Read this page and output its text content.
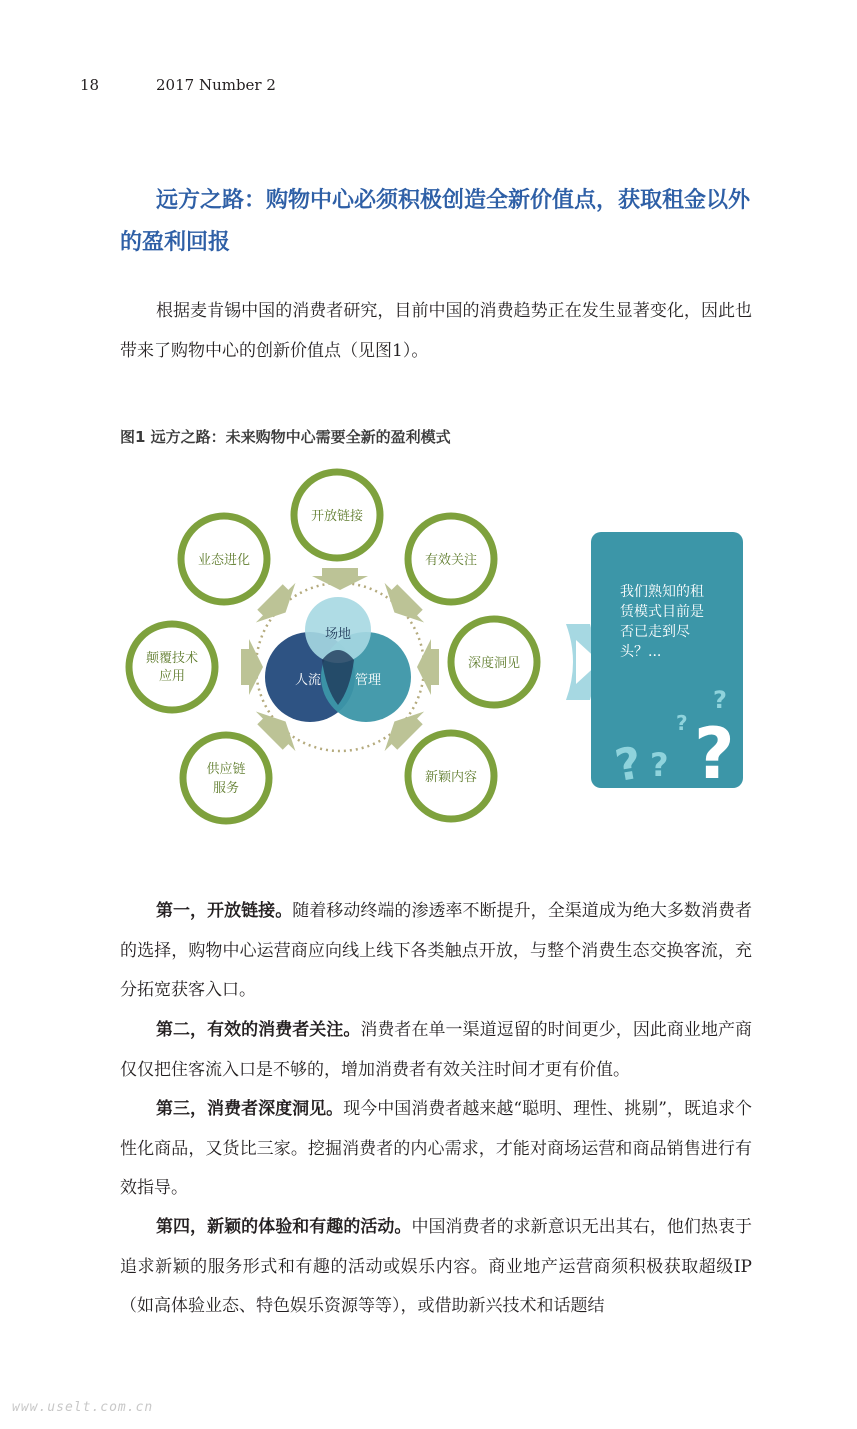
18	2017 Number 2
远方之路：购物中心必须积极创造全新价值点，获取租金以外的盈利回报

根据麦肯锡中国的消费者研究，目前中国的消费趋势正在发生显著变化，因此也带来了购物中心的创新价值点（见图1）。

图1 远方之路：未来购物中心需要全新的盈利模式
场地
人流	管理
开放链接
有效关注
深度洞见
新颖内容
供应链
服务
颠覆技术
应用
业态进化
我们熟知的租
赁模式目前是
否已走到尽
头？...
?
? ?
?
?

第一，开放链接。随着移动终端的渗透率不断提升，全渠道成为绝大多数消费者的选择，购物中心运营商应向线上线下各类触点开放，与整个消费生态交换客流，充分拓宽获客入口。

第二，有效的消费者关注。消费者在单一渠道逗留的时间更少，因此商业地产商仅仅把住客流入口是不够的，增加消费者有效关注时间才更有价值。

第三，消费者深度洞见。现今中国消费者越来越“聪明、理性、挑剔”，既追求个性化商品，又货比三家。挖掘消费者的内心需求，才能对商场运营和商品销售进行有效指导。

第四，新颖的体验和有趣的活动。中国消费者的求新意识无出其右，他们热衷于追求新颖的服务形式和有趣的活动或娱乐内容。商业地产运营商须积极获取超级IP（如高体验业态、特色娱乐资源等等），或借助新兴技术和话题结

www.uselt.com.cn
